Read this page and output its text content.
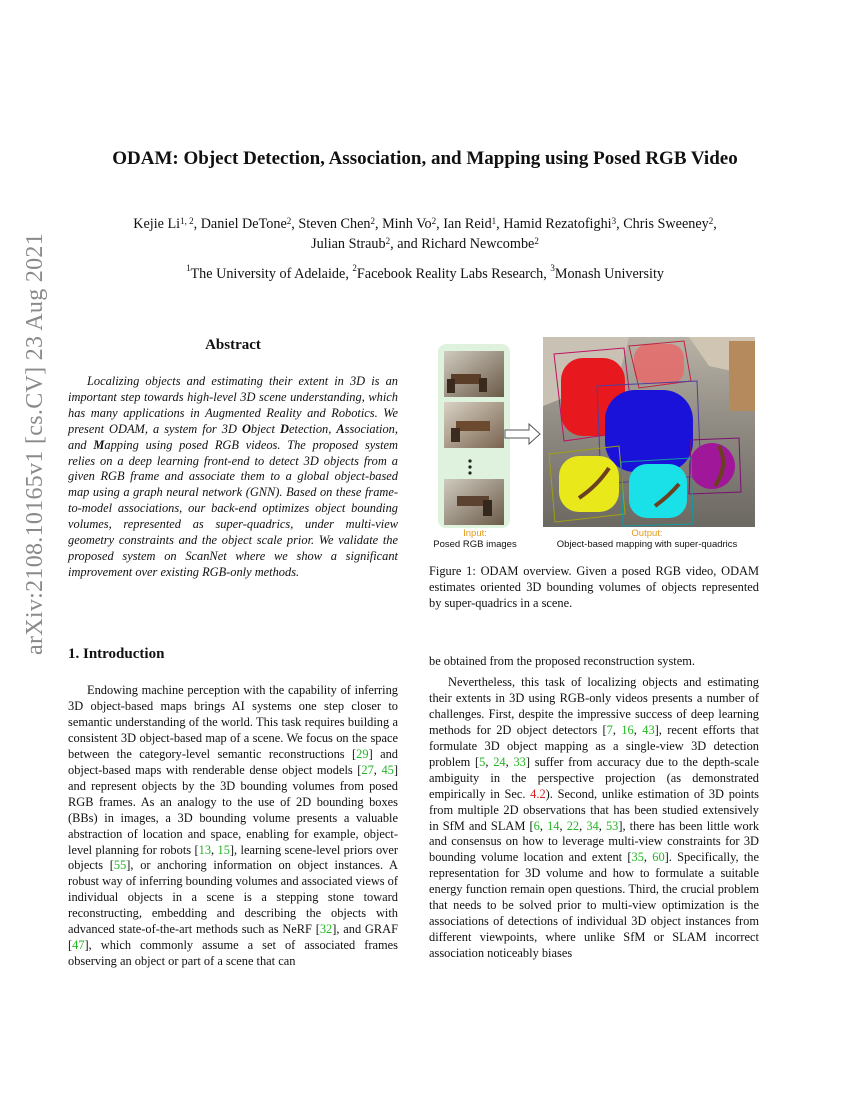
arXiv:2108.10165v1 [cs.CV] 23 Aug 2021
ODAM: Object Detection, Association, and Mapping using Posed RGB Video
Kejie Li$^{1, 2}$, Daniel DeTone$^2$, Steven Chen$^2$, Minh Vo$^2$, Ian Reid$^1$, Hamid Rezatofighi$^3$, Chris Sweeney$^2$,
Julian Straub$^2$, and Richard Newcombe$^2$
$^1$The University of Adelaide, $^2$Facebook Reality Labs Research, $^3$Monash University
Abstract
Localizing objects and estimating their extent in 3D is an important step towards high-level 3D scene understanding, which has many applications in Augmented Reality and Robotics. We present ODAM, a system for 3D Object Detection, Association, and Mapping using posed RGB videos. The proposed system relies on a deep learning front-end to detect 3D objects from a given RGB frame and associate them to a global object-based map using a graph neural network (GNN). Based on these frame-to-model associations, our back-end optimizes object bounding volumes, represented as super-quadrics, under multi-view geometry constraints and the object scale prior. We validate the proposed system on ScanNet where we show a significant improvement over existing RGB-only methods.
Input:
Posed RGB images
Output:
Object-based mapping with super-quadrics
Figure 1: ODAM overview. Given a posed RGB video, ODAM estimates oriented 3D bounding volumes of objects represented by super-quadrics in a scene.
1. Introduction

Endowing machine perception with the capability of inferring 3D object-based maps brings AI systems one step closer to semantic understanding of the world. This task requires building a consistent 3D object-based map of a scene. We focus on the space between the category-level semantic reconstructions [29] and object-based maps with renderable dense object models [27, 45] and represent objects by the 3D bounding volumes from posed RGB frames. As an analogy to the use of 2D bounding boxes (BBs) in images, a 3D bounding volume presents a valuable abstraction of location and space, enabling for example, object-level planning for robots [13, 15], learning scene-level priors over objects [55], or anchoring information on object instances. A robust way of inferring bounding volumes and associated views of individual objects in a scene is a stepping stone toward reconstructing, embedding and describing the objects with advanced state-of-the-art methods such as NeRF [32], and GRAF [47], which commonly assume a set of associated frames observing an object or part of a scene that can

be obtained from the proposed reconstruction system.

Nevertheless, this task of localizing objects and estimating their extents in 3D using RGB-only videos presents a number of challenges. First, despite the impressive success of deep learning methods for 2D object detectors [7, 16, 43], recent efforts that formulate 3D object mapping as a single-view 3D detection problem [5, 24, 33] suffer from accuracy due to the depth-scale ambiguity in the perspective projection (as demonstrated empirically in Sec. 4.2). Second, unlike estimation of 3D points from multiple 2D observations that has been studied extensively in SfM and SLAM [6, 14, 22, 34, 53], there has been little work and consensus on how to leverage multi-view constraints for 3D bounding volume location and extent [35, 60]. Specifically, the representation for 3D volume and how to formulate a suitable energy function remain open questions. Third, the crucial problem that needs to be solved prior to multi-view optimization is the associations of detections of individual 3D object instances from different viewpoints, where unlike SfM or SLAM incorrect association noticeably biases
